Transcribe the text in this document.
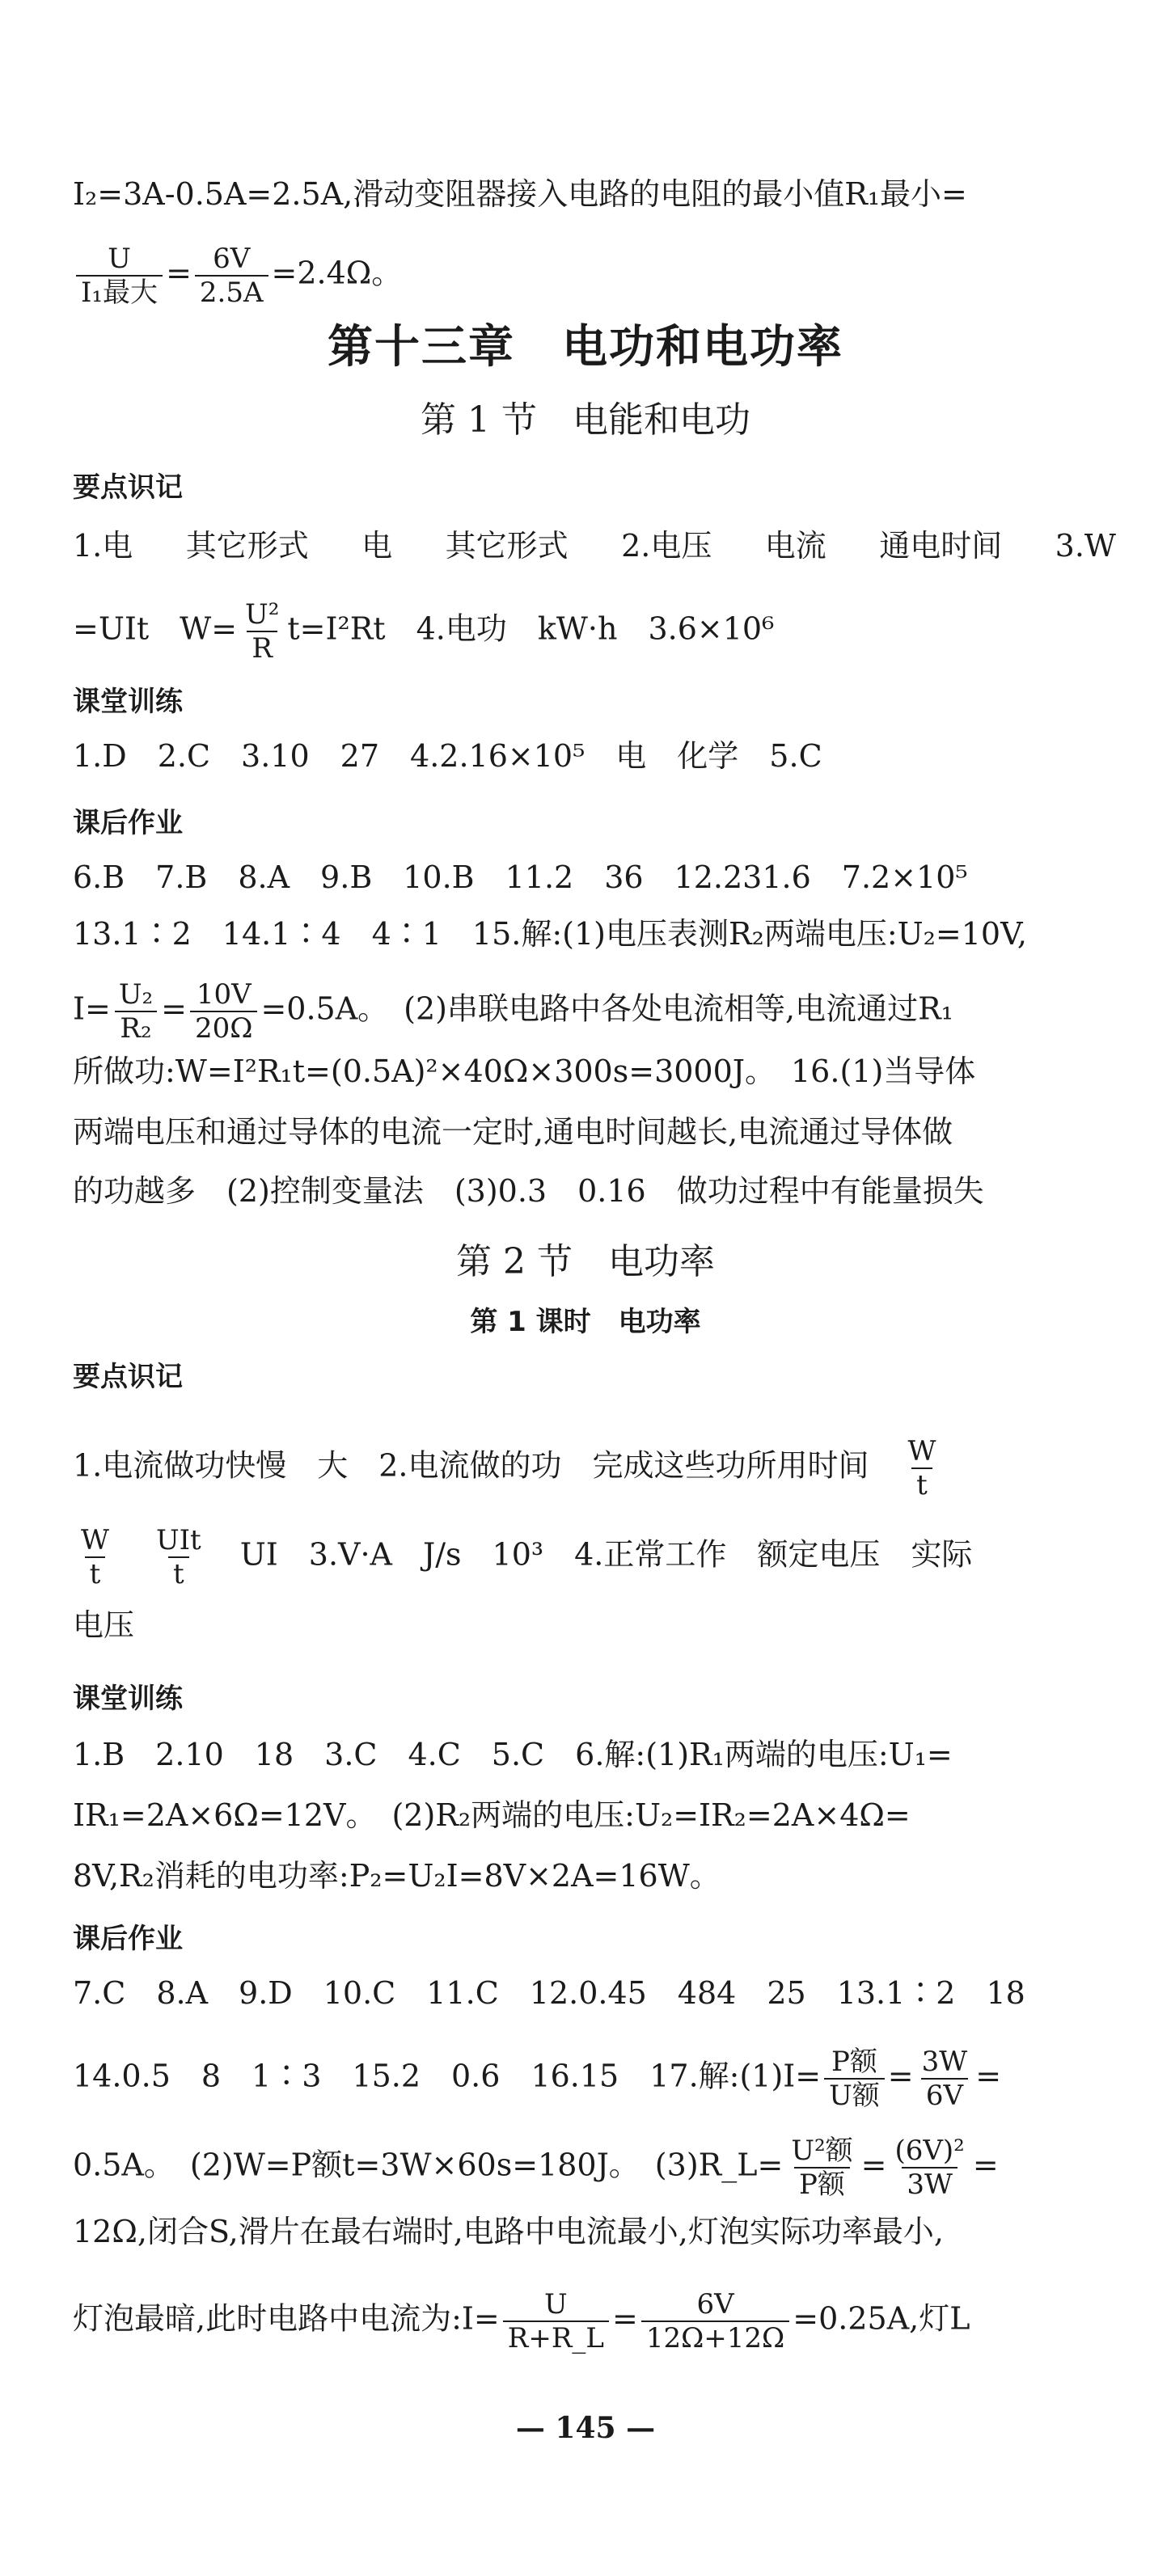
I₂=3A-0.5A=2.5A,滑动变阻器接入电路的电阻的最小值R₁最小=
U
I₁最大
= $\frac{6V}{2.5A} =2.4\Omega$。
第十三章　电功和电功率
第 1 节　电能和电功
要点识记
1.电 其它形式 电 其它形式 2.电压 电流 通电时间 3.W
=UIt　$W= \frac{\text{U²}}{R} t=I^2Rt$　4.电功　kW·h　3.6×10⁶
课堂训练
1.D　2.C　3.10　27　4.2.16×10⁵　电　化学　5.C
课后作业
6.B　7.B　8.A　9.B　10.B　11.2　36　12.231.6　7.2×10⁵
13.1∶2　14.1∶4　4∶1　15.解:(1)电压表测R₂两端电压:U₂=10V,
$I= \frac{\text{U₂}}{\text{R₂}} = \frac{10V}{20\Omega} =0.5A$。　(2)串联电路中各处电流相等,电流通过R₁
所做功:W=I²R₁t=(0.5A)²×40Ω×300s=3000J。　16.(1)当导体
两端电压和通过导体的电流一定时,通电时间越长,电流通过导体做
的功越多　(2)控制变量法　(3)0.3　0.16　做功过程中有能量损失
第 2 节　电功率
第 1 课时　电功率
要点识记
1.电流做功快慢　大　2.电流做的功　完成这些功所用时间　 $\frac{W}{t}$
$\frac{W}{t}$
　 UIt
t
　UI　3.V·A　J/s　10³　4.正常工作　额定电压　实际
电压
课堂训练
1.B　2.10　18　3.C　4.C　5.C　6.解:(1)R₁两端的电压:U₁=
IR₁=2A×6Ω=12V。　(2)R₂两端的电压:U₂=IR₂=2A×4Ω=
8V,R₂消耗的电功率:P₂=U₂I=8V×2A=16W。
课后作业
7.C　8.A　9.D　10.C　11.C　12.0.45　484　25　13.1∶2　18
14.0.5　8　1∶3　15.2　0.6　16.15　17.解:(1)I= P额
U额
= $\frac{3W}{6V}$ =
0.5A。　(2)W=P额t=3W×60s=180J。　(3)R_L= U²额
P额
= $\frac{\text{(6V)²}}{3W}$ =
12Ω,闭合S,滑片在最右端时,电路中电流最小,灯泡实际功率最小,
灯泡最暗,此时电路中电流为:I= $\frac{U}{R+R\_L} = \frac{6V}{12\Omega+12\Omega} =0.25A$,灯L
— 145 —
